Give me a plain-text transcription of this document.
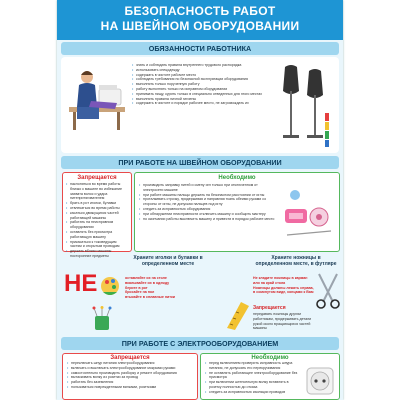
БЕЗОПАСНОСТЬ РАБОТ
НА ШВЕЙНОМ ОБОРУДОВАНИИ
ОБЯЗАННОСТИ РАБОТНИКА
• знать и соблюдать правила внутреннего трудового распорядка
• использовать спецодежду
• содержать в чистоте рабочее место
• соблюдать требования по безопасной эксплуатации оборудования
• выполнять только порученную работу
• работу выполнять только на исправном оборудовании
• принимать пищу, курить только в специально отведенных для этого местах
• выполнять правила личной гигиены
• содержать в чистоте и порядке рабочее место, не загромождать их
ПРИ РАБОТЕ НА ШВЕЙНОМ ОБОРУДОВАНИИ
Запрещается
• наклоняться во время работы близко к машине во избежание захвата волос и удара нитепритягивателем
• брать в рот иголки, булавки
• отвлекаться во время работы
• касаться движущихся частей работающей машины
• работать на неисправном оборудовании
• оставлять без присмотра работающую машину
• прикасаться к токоведущим частям и открытым проводам
• держать вблизи машины посторонние предметы
Необходимо
• производить заправку нитей и смену игл только при отключенном от электросети машине
• при работе машины пальцы держать на безопасном расстоянии от иглы
• проталкивать строчку, придерживая и направляя ткань обеими руками со стороны от иглы, не допуская пальцев под иглу
• следить за исправностью оборудования
• при обнаружении неисправности отключить машину и сообщить мастеру
• по окончании работы выключить машину и привести в порядок рабочее место
Храните иголки и булавки в определенном месте
НЕ	оставляйте их на столе
вкалывайте их в одежду
берите в рот
бросайте на пол
втыкайте в сплавные нитки
Храните ножницы в определенном месте, в футляре
Не кладите ножницы в карман или на край стола
Ножницы должны лежать справа, в сомкнутом виде, концами к Вам
Запрещается
передавать ножницы другим работникам, придерживать детали рукой около вращающихся частей машины
ПРИ РАБОТЕ С ЭЛЕКТРООБОРУДОВАНИЕМ
Запрещается
• переключать шнур питания электрооборудования
• включать и выключать электрооборудование мокрыми руками
• самостоятельно производить разборку и ремонт оборудования
• вытаскивать вилку из розетки за провод
• работать без заземления
• пользоваться поврежденными вилками, розетками
Необходимо
• перед включением проверить исправность шнура питания, не допускать его перекручивания
• не оставлять работающее электрооборудование без присмотра
• при включении штепсельную вилку вставлять в розетку полностью до отказа
• следить за исправностью изоляции проводов
